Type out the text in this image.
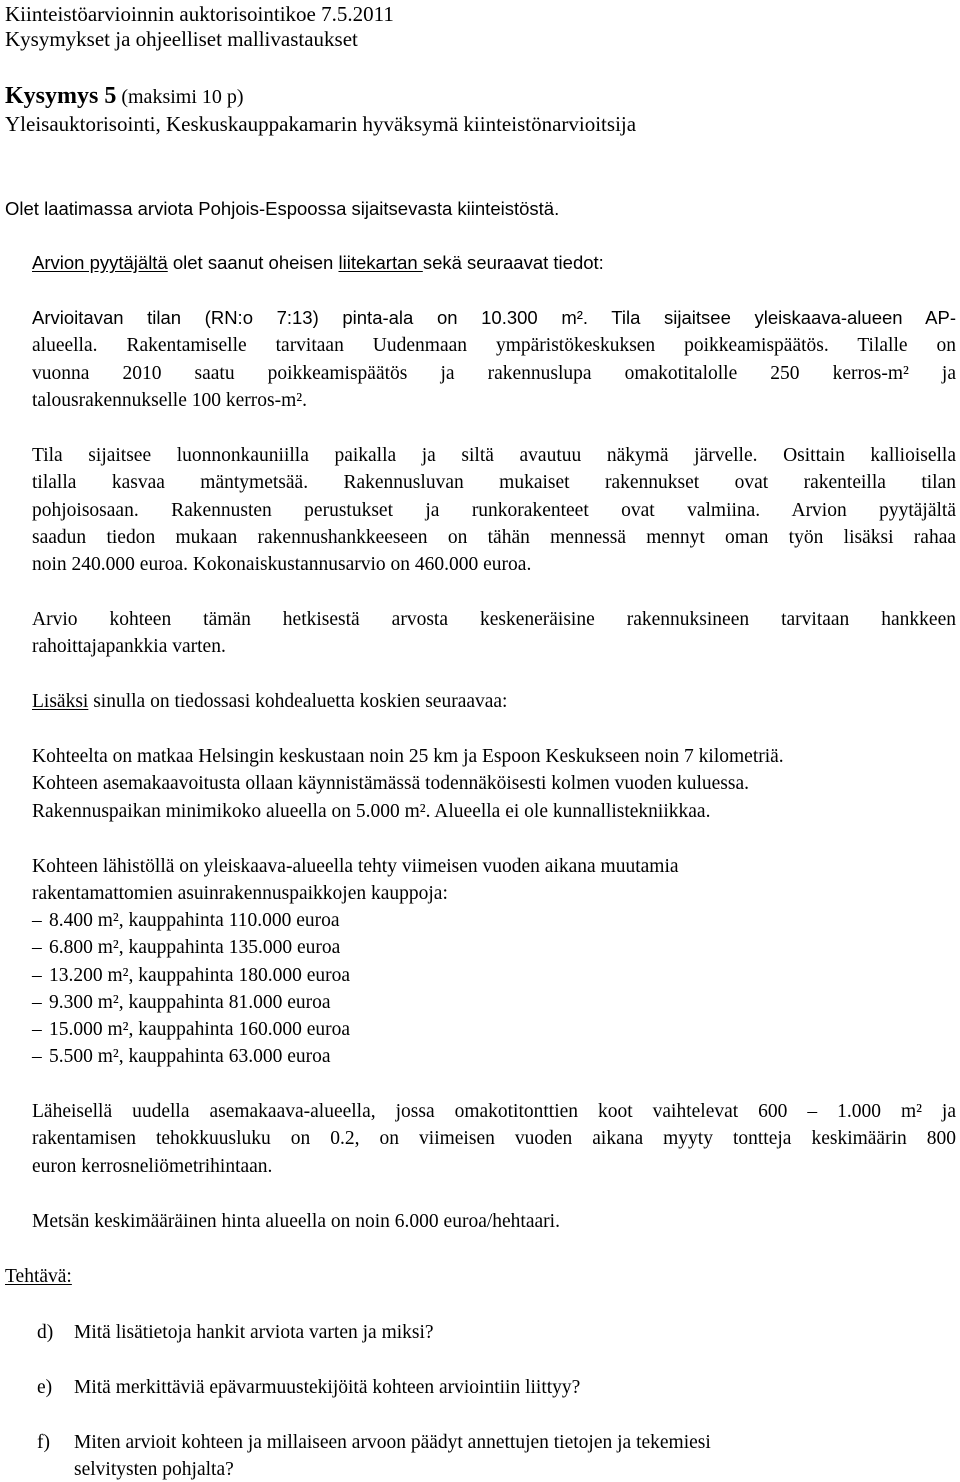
Kiinteistöarvioinnin auktorisointikoe 7.5.2011
Kysymykset ja ohjeelliset mallivastaukset
Kysymys 5 (maksimi 10 p)
Yleisauktorisointi, Keskuskauppakamarin hyväksymä kiinteistönarvioitsija
Olet laatimassa arviota Pohjois-Espoossa sijaitsevasta kiinteistöstä.
Arvion pyytäjältä olet saanut oheisen liitekartan sekä seuraavat tiedot:
Arvioitavan tilan (RN:o 7:13) pinta-ala on 10.300 m². Tila sijaitsee yleiskaava-alueen AP-
alueella. Rakentamiselle tarvitaan Uudenmaan ympäristökeskuksen poikkeamispäätös. Tilalle on
vuonna 2010 saatu poikkeamispäätös ja rakennuslupa omakotitalolle 250 kerros-m² ja
talousrakennukselle 100 kerros-m².
Tila sijaitsee luonnonkauniilla paikalla ja siltä avautuu näkymä järvelle. Osittain kallioisella
tilalla kasvaa mäntymetsää. Rakennusluvan mukaiset rakennukset ovat rakenteilla tilan
pohjoisosaan. Rakennusten perustukset ja runkorakenteet ovat valmiina. Arvion pyytäjältä
saadun tiedon mukaan rakennushankkeeseen on tähän mennessä mennyt oman työn lisäksi rahaa
noin 240.000 euroa. Kokonaiskustannusarvio on 460.000 euroa.
Arvio kohteen tämän hetkisestä arvosta keskeneräisine rakennuksineen tarvitaan hankkeen
rahoittajapankkia varten.
Lisäksi sinulla on tiedossasi kohdealuetta koskien seuraavaa:
Kohteelta on matkaa Helsingin keskustaan noin 25 km ja Espoon Keskukseen noin 7 kilometriä.
Kohteen asemakaavoitusta ollaan käynnistämässä todennäköisesti kolmen vuoden kuluessa.
Rakennuspaikan minimikoko alueella on 5.000 m². Alueella ei ole kunnallistekniikkaa.
Kohteen lähistöllä on yleiskaava-alueella tehty viimeisen vuoden aikana muutamia
rakentamattomien asuinrakennuspaikkojen kauppoja:
– 8.400 m², kauppahinta 110.000 euroa
– 6.800 m², kauppahinta 135.000 euroa
– 13.200 m², kauppahinta 180.000 euroa
– 9.300 m², kauppahinta 81.000 euroa
– 15.000 m², kauppahinta 160.000 euroa
– 5.500 m², kauppahinta 63.000 euroa
Läheisellä uudella asemakaava-alueella, jossa omakotitonttien koot vaihtelevat 600 – 1.000 m² ja
rakentamisen tehokkuusluku on 0.2, on viimeisen vuoden aikana myyty tontteja keskimäärin 800
euron kerrosneliömetrihintaan.
Metsän keskimääräinen hinta alueella on noin 6.000 euroa/hehtaari.
Tehtävä:
d) Mitä lisätietoja hankit arviota varten ja miksi?
e) Mitä merkittäviä epävarmuustekijöitä kohteen arviointiin liittyy?
f) Miten arvioit kohteen ja millaiseen arvoon päädyt annettujen tietojen ja tekemiesi
selvitysten pohjalta?
